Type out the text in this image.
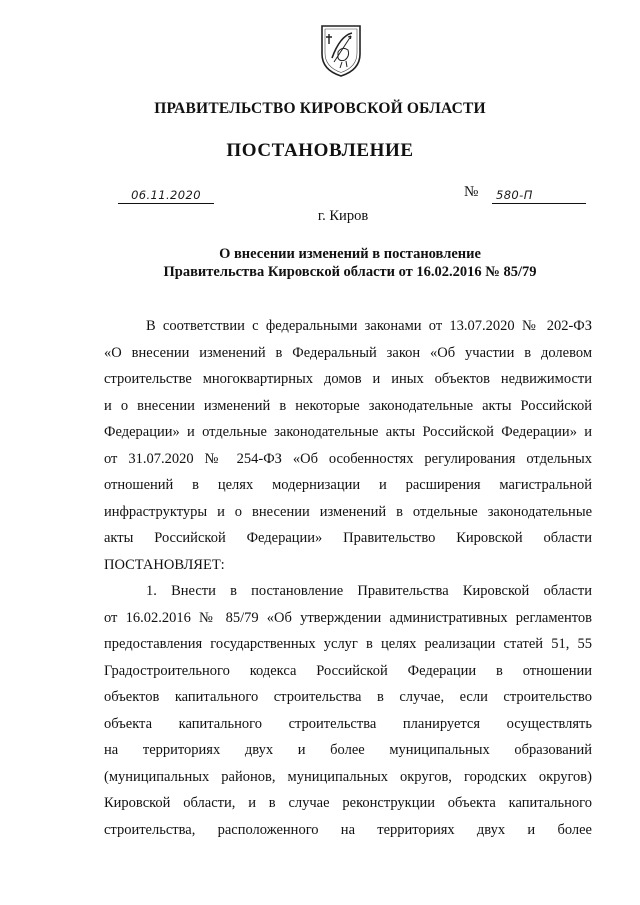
ПРАВИТЕЛЬСТВО КИРОВСКОЙ ОБЛАСТИ
ПОСТАНОВЛЕНИЕ
06.11.2020	№ 580-П
г. Киров
О внесении изменений в постановление
Правительства Кировской области от 16.02.2016 № 85/79
В соответствии с федеральными законами от 13.07.2020 № 202-ФЗ
«О внесении изменений в Федеральный закон «Об участии в долевом
строительстве многоквартирных домов и иных объектов недвижимости
и о внесении изменений в некоторые законодательные акты Российской
Федерации» и отдельные законодательные акты Российской Федерации» и
от 31.07.2020 № 254-ФЗ «Об особенностях регулирования отдельных
отношений в целях модернизации и расширения магистральной
инфраструктуры и о внесении изменений в отдельные законодательные
акты Российской Федерации» Правительство Кировской области
ПОСТАНОВЛЯЕТ:
1. Внести в постановление Правительства Кировской области
от 16.02.2016 № 85/79 «Об утверждении административных регламентов
предоставления государственных услуг в целях реализации статей 51, 55
Градостроительного кодекса Российской Федерации в отношении
объектов капитального строительства в случае, если строительство
объекта капитального строительства планируется осуществлять
на территориях двух и более муниципальных образований
(муниципальных районов, муниципальных округов, городских округов)
Кировской области, и в случае реконструкции объекта капитального
строительства, расположенного на территориях двух и более
